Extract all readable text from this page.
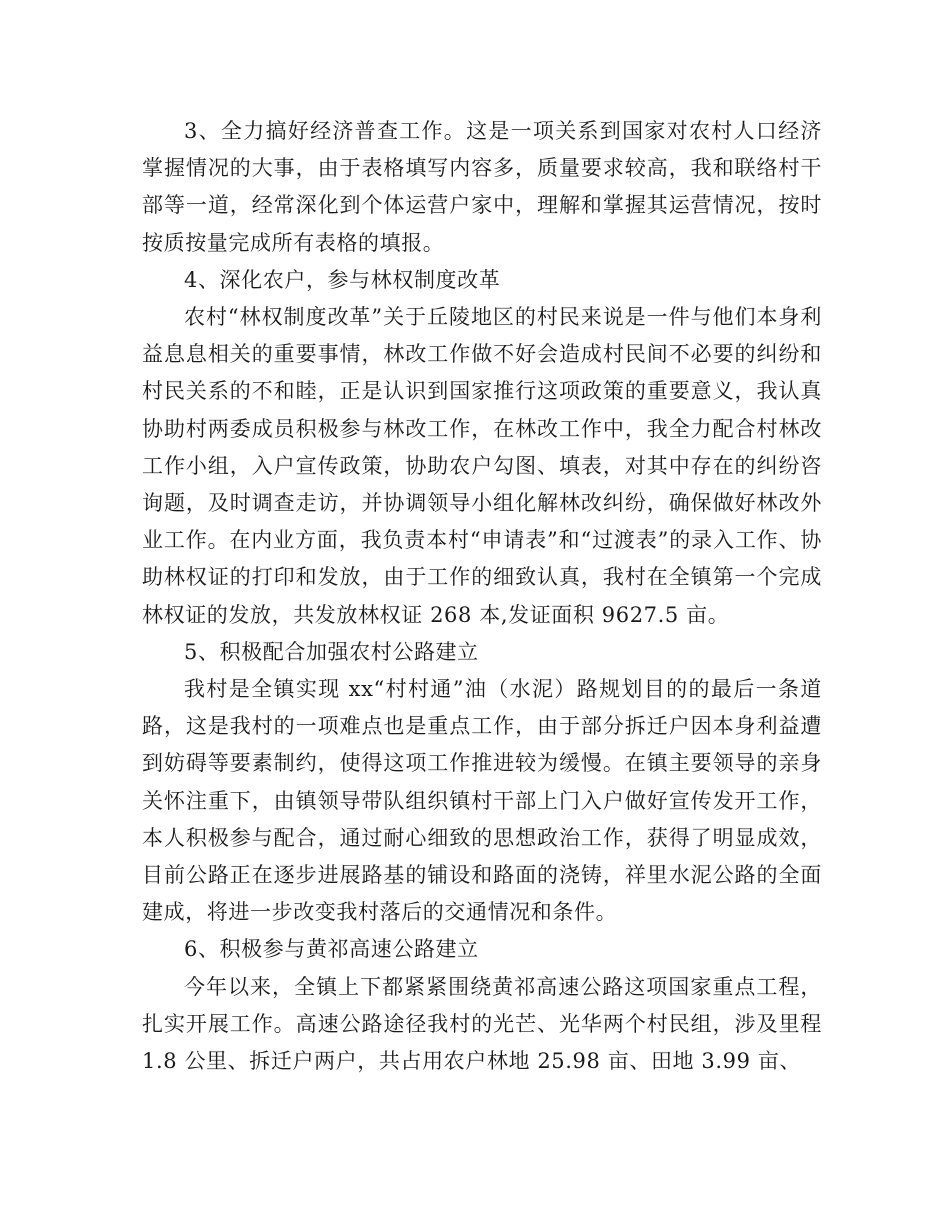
3、全力搞好经济普查工作。这是一项关系到国家对农村人口经济掌握情况的大事，由于表格填写内容多，质量要求较高，我和联络村干部等一道，经常深化到个体运营户家中，理解和掌握其运营情况，按时按质按量完成所有表格的填报。

4、深化农户，参与林权制度改革

农村“林权制度改革”关于丘陵地区的村民来说是一件与他们本身利益息息相关的重要事情，林改工作做不好会造成村民间不必要的纠纷和村民关系的不和睦，正是认识到国家推行这项政策的重要意义，我认真协助村两委成员积极参与林改工作，在林改工作中，我全力配合村林改工作小组，入户宣传政策，协助农户勾图、填表，对其中存在的纠纷咨询题，及时调查走访，并协调领导小组化解林改纠纷，确保做好林改外业工作。在内业方面，我负责本村“申请表”和“过渡表”的录入工作、协助林权证的打印和发放，由于工作的细致认真，我村在全镇第一个完成林权证的发放，共发放林权证 268 本,发证面积 9627.5 亩。

5、积极配合加强农村公路建立

我村是全镇实现 xx“村村通”油（水泥）路规划目的的最后一条道路，这是我村的一项难点也是重点工作，由于部分拆迁户因本身利益遭到妨碍等要素制约，使得这项工作推进较为缓慢。在镇主要领导的亲身关怀注重下，由镇领导带队组织镇村干部上门入户做好宣传发开工作，本人积极参与配合，通过耐心细致的思想政治工作，获得了明显成效，目前公路正在逐步进展路基的铺设和路面的浇铸，祥里水泥公路的全面建成，将进一步改变我村落后的交通情况和条件。

6、积极参与黄祁高速公路建立

今年以来，全镇上下都紧紧围绕黄祁高速公路这项国家重点工程，扎实开展工作。高速公路途径我村的光芒、光华两个村民组，涉及里程 1.8 公里、拆迁户两户，共占用农户林地 25.98 亩、田地 3.99 亩、
